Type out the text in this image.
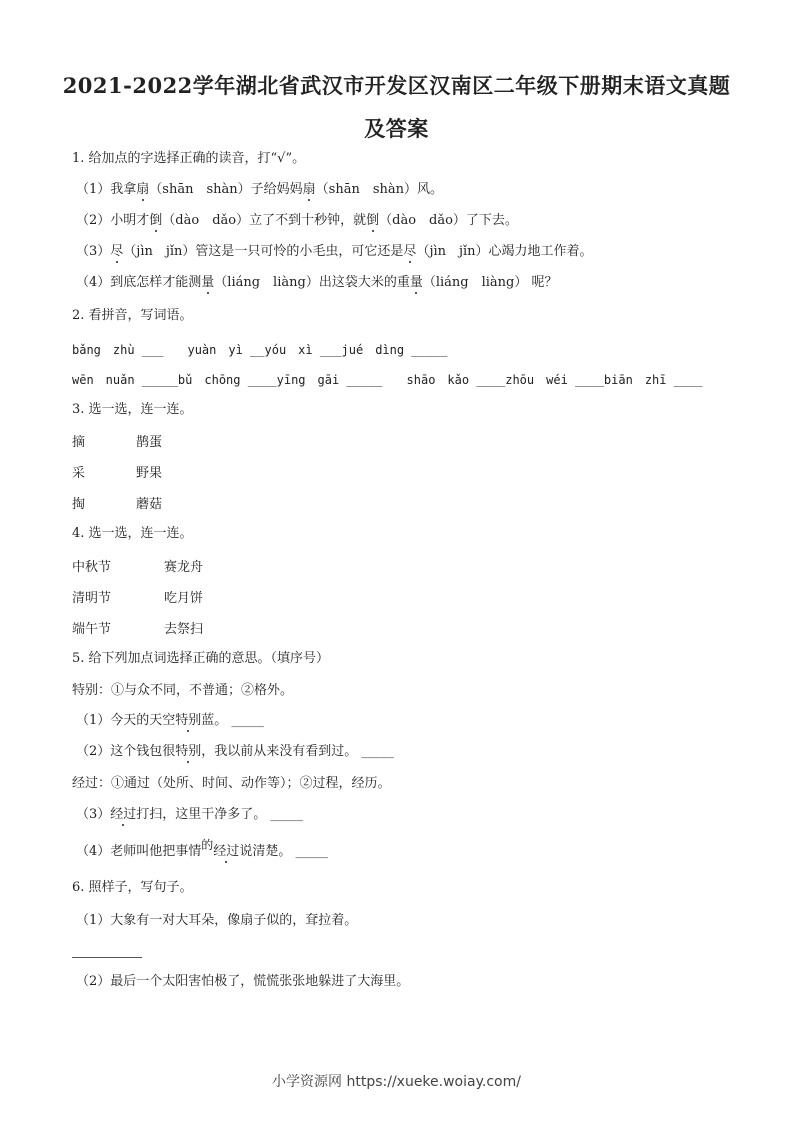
2021-2022学年湖北省武汉市开发区汉南区二年级下册期末语文真题
及答案
1. 给加点的字选择正确的读音，打“√”。
（1）我拿扇（shān　shàn）子给妈妈扇（shān　shàn）风。
（2）小明才倒（dào　dǎo）立了不到十秒钟，就倒（dào　dǎo）了下去。
（3）尽（jìn　jǐn）管这是一只可怜的小毛虫，可它还是尽（jìn　jǐn）心竭力地工作着。
（4）到底怎样才能测量（liáng　liàng）出这袋大米的重量（liáng　liàng） 呢？
2. 看拼音，写词语。
bǎng　zhù ___　　yuàn　yì __yóu　xì ___jué　dìng _____
wēn　nuǎn _____bǔ　chōng ____yīng　gāi _____　　shāo　kǎo ____zhōu　wéi ____biān　zhī ____
3. 选一选，连一连。
摘	鹊蛋
采	野果
掏	蘑菇
4. 选一选，连一连。
中秋节	赛龙舟
清明节	吃月饼
端午节	去祭扫
5. 给下列加点词选择正确的意思。（填序号）
特别：①与众不同，不普通；②格外。
（1）今天的天空特别蓝。 _____
（2）这个钱包很特别，我以前从来没有看到过。 _____
经过：①通过（处所、时间、动作等）；②过程，经历。
（3）经过打扫，这里干净多了。 _____
（4）老师叫他把事情的经过说清楚。 _____
6. 照样子，写句子。
（1）大象有一对大耳朵，像扇子似的，耷拉着。
（2）最后一个太阳害怕极了，慌慌张张地躲进了大海里。
小学资源网 https://xueke.woiay.com/
